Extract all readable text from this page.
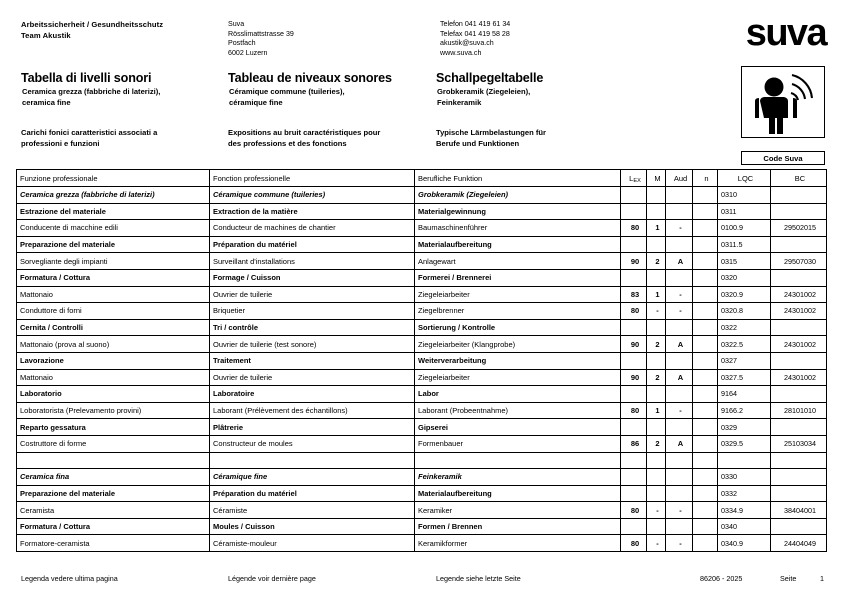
Arbeitssicherheit / Gesundheitsschutz
Team Akustik
Suva
Rösslimattstrasse 39
Postfach
6002 Luzern
Telefon 041 419 61 34
Telefax 041 419 58 28
akustik@suva.ch
www.suva.ch	suva
Tabella di livelli sonori
Ceramica grezza (fabbriche di laterizi),
ceramica fine
Tableau de niveaux sonores
Céramique commune (tuileries),
céramique fine
Schallpegeltabelle
Grobkeramik (Ziegeleien),
Feinkeramik
Carichi fonici caratteristici associati a
professioni e funzioni
Expositions au bruit caractéristiques pour
des professions et des fonctions
Typische Lärmbelastungen für
Berufe und Funktionen
Code Suva
Funzione professionale	Fonction professionelle	Berufliche Funktion	$L_{EX}$	M	Aud	n	LQC	BC
Ceramica grezza (fabbriche di laterizi)	Céramique commune (tuileries)	Grobkeramik (Ziegeleien)					0310	
Estrazione del materiale	Extraction de la matière	Materialgewinnung					0311	
Conducente di macchine edili	Conducteur de machines de chantier	Baumaschinenführer	80	1	-		0100.9	29502015
Preparazione del materiale	Préparation du matériel	Materialaufbereitung					0311.5	
Sorvegliante degli impianti	Surveillant d'installations	Anlagewart	90	2	A		0315	29507030
Formatura / Cottura	Formage / Cuisson	Formerei / Brennerei					0320	
Mattonaio	Ouvrier de tuilerie	Ziegeleiarbeiter	83	1	-		0320.9	24301002
Conduttore di forni	Briquetier	Ziegelbrenner	80	-	-		0320.8	24301002
Cernita / Controlli	Tri / contrôle	Sortierung / Kontrolle					0322	
Mattonaio (prova al suono)	Ouvrier de tuilerie (test sonore)	Ziegeleiarbeiter (Klangprobe)	90	2	A		0322.5	24301002
Lavorazione	Traitement	Weiterverarbeitung					0327	
Mattonaio	Ouvrier de tuilerie	Ziegeleiarbeiter	90	2	A		0327.5	24301002
Laboratorio	Laboratoire	Labor					9164	
Loboratorista (Prelevamento provini)	Laborant (Prélèvement des échantillons)	Laborant (Probeentnahme)	80	1	-		9166.2	28101010
Reparto gessatura	Plâtrerie	Gipserei					0329	
Costruttore di forme	Constructeur de moules	Formenbauer	86	2	A		0329.5	25103034

Ceramica fina	Céramique fine	Feinkeramik					0330	
Preparazione del materiale	Préparation du matériel	Materialaufbereitung					0332	
Ceramista	Céramiste	Keramiker	80	-	-		0334.9	38404001
Formatura / Cottura	Moules / Cuisson	Formen / Brennen					0340	
Formatore-ceramista	Céramiste-mouleur	Keramikformer	80	-	-		0340.9	24404049
Legenda vedere ultima pagina	Légende voir dernière page	Legende siehe letzte Seite	86206 - 2025	Seite	1
